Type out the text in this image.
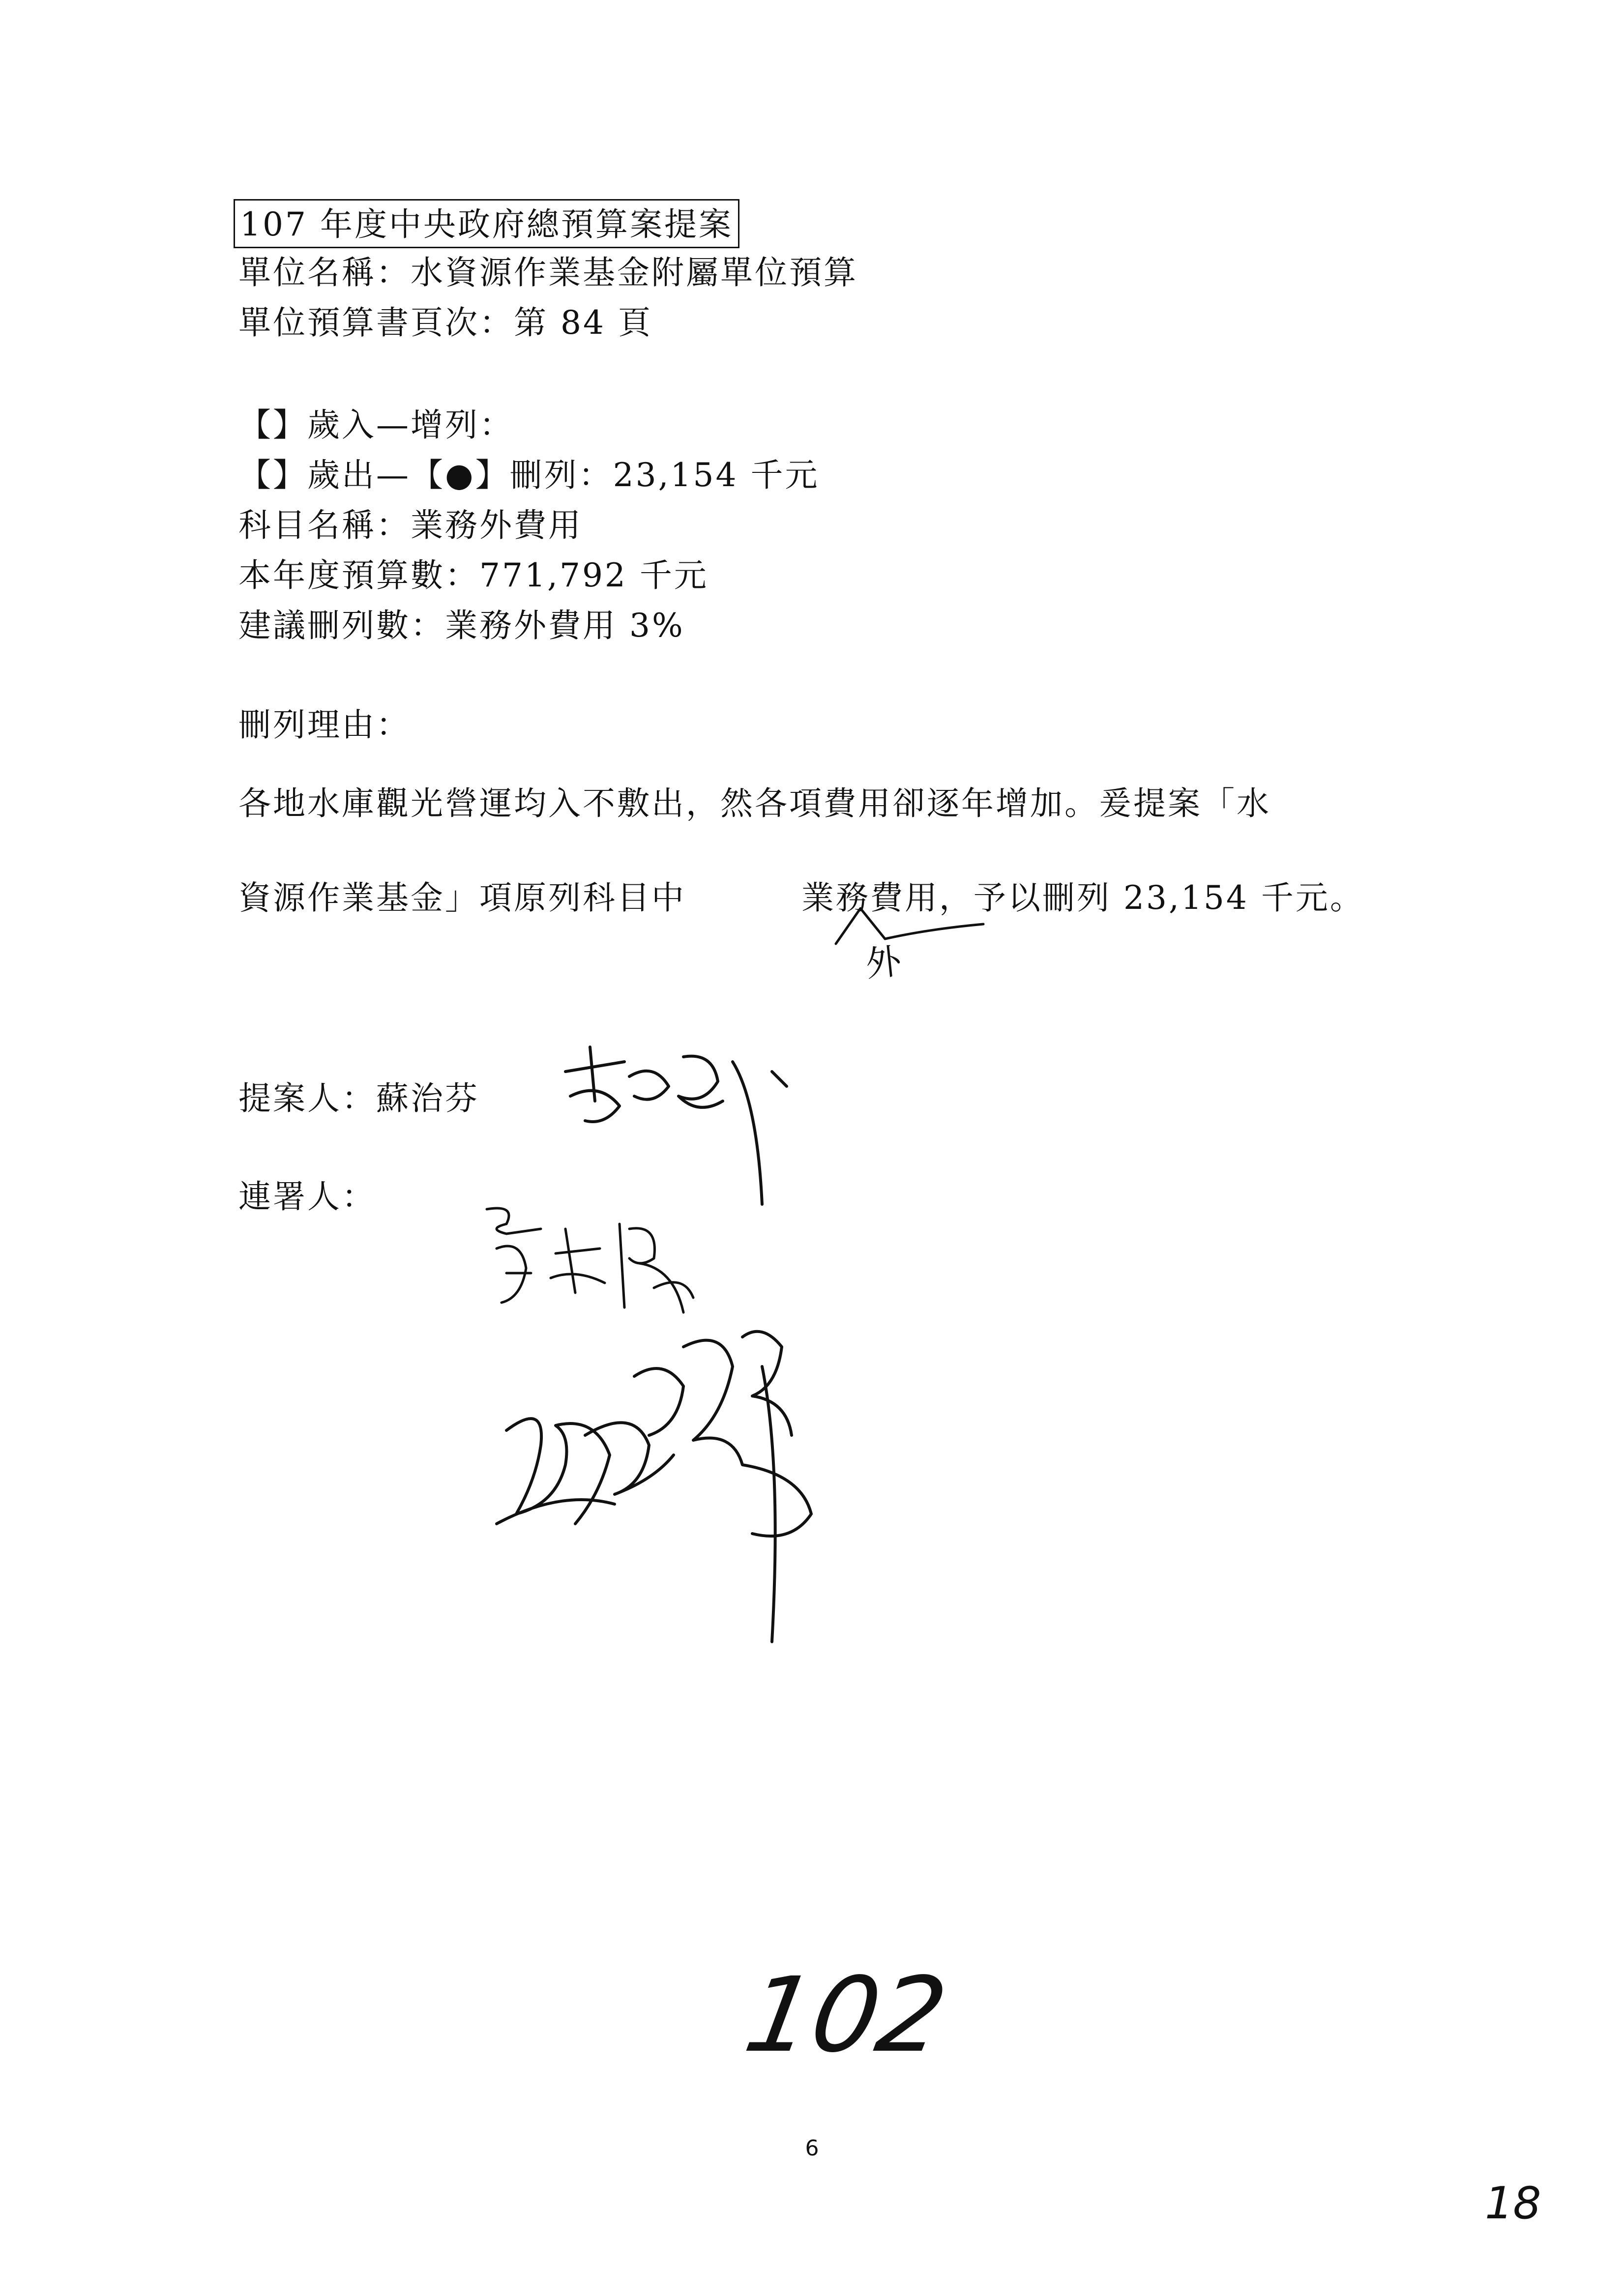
107 年度中央政府總預算案提案
單位名稱：水資源作業基金附屬單位預算
單位預算書頁次：第 84 頁
【】歲入—增列：
【】歲出—【●】刪列：23,154 千元
科目名稱：業務外費用
本年度預算數：771,792 千元
建議刪列數：業務外費用 3%
刪列理由：
各地水庫觀光營運均入不敷出，然各項費用卻逐年增加。爰提案「水
資源作業基金」項原列科目中	業務費用，予以刪列 23,154 千元。
外
提案人：蘇治芬
連署人：
102
6
18
